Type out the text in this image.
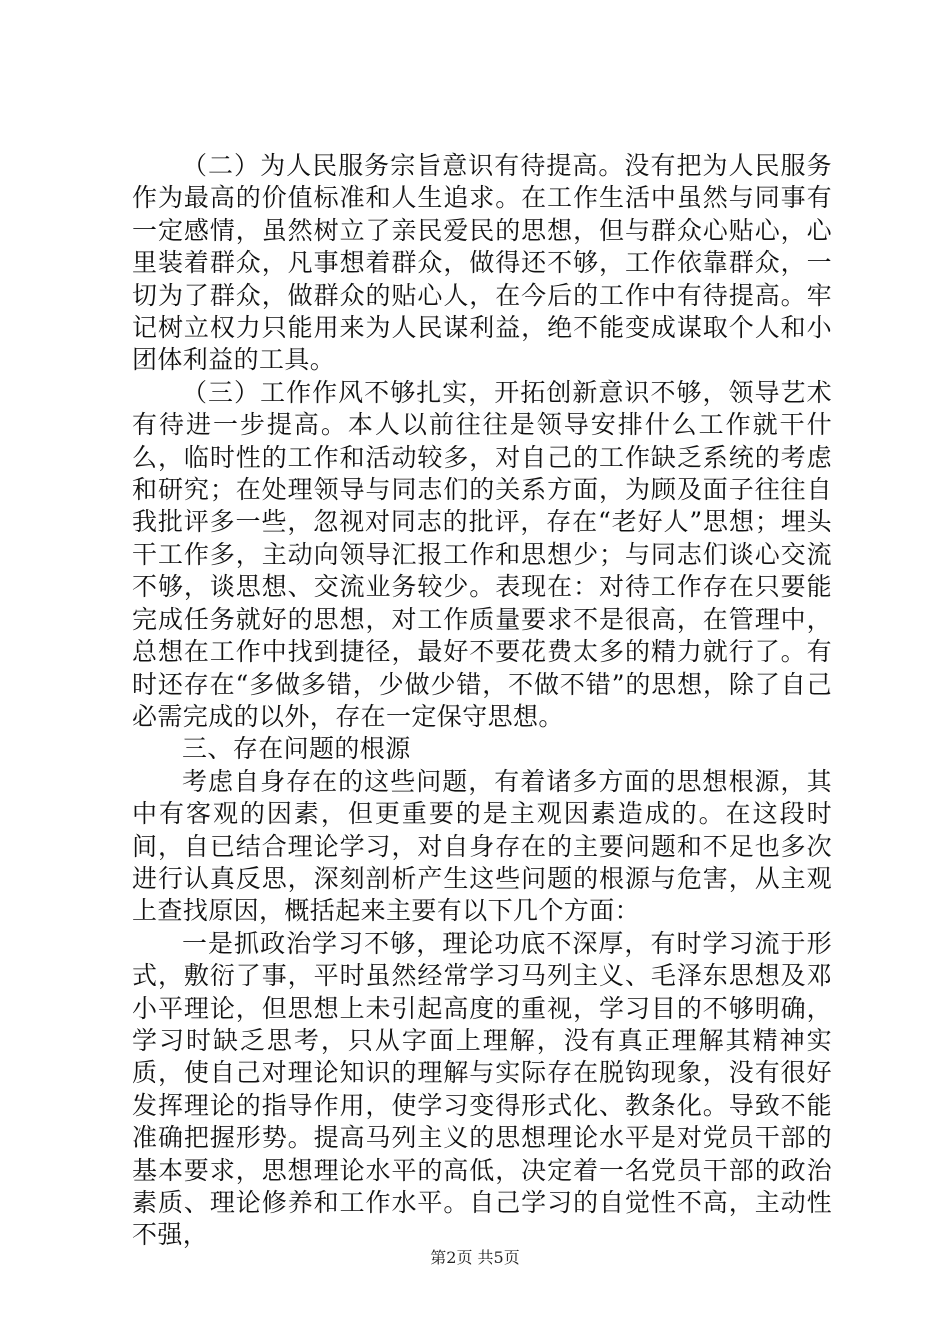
（二）为人民服务宗旨意识有待提高。没有把为人民服务作为最高的价值标准和人生追求。在工作生活中虽然与同事有一定感情，虽然树立了亲民爱民的思想，但与群众心贴心，心里装着群众，凡事想着群众，做得还不够，工作依靠群众，一切为了群众，做群众的贴心人，在今后的工作中有待提高。牢记树立权力只能用来为人民谋利益，绝不能变成谋取个人和小团体利益的工具。

（三）工作作风不够扎实，开拓创新意识不够，领导艺术有待进一步提高。本人以前往往是领导安排什么工作就干什么，临时性的工作和活动较多，对自己的工作缺乏系统的考虑和研究；在处理领导与同志们的关系方面，为顾及面子往往自我批评多一些，忽视对同志的批评，存在“老好人”思想；埋头干工作多，主动向领导汇报工作和思想少；与同志们谈心交流不够，谈思想、交流业务较少。表现在：对待工作存在只要能完成任务就好的思想，对工作质量要求不是很高，在管理中，总想在工作中找到捷径，最好不要花费太多的精力就行了。有时还存在“多做多错，少做少错，不做不错”的思想，除了自己必需完成的以外，存在一定保守思想。

三、存在问题的根源

考虑自身存在的这些问题，有着诸多方面的思想根源，其中有客观的因素，但更重要的是主观因素造成的。在这段时间，自已结合理论学习，对自身存在的主要问题和不足也多次进行认真反思，深刻剖析产生这些问题的根源与危害，从主观上查找原因，概括起来主要有以下几个方面：

一是抓政治学习不够，理论功底不深厚，有时学习流于形式，敷衍了事，平时虽然经常学习马列主义、毛泽东思想及邓小平理论，但思想上未引起高度的重视，学习目的不够明确，学习时缺乏思考，只从字面上理解，没有真正理解其精神实质，使自己对理论知识的理解与实际存在脱钩现象，没有很好发挥理论的指导作用，使学习变得形式化、教条化。导致不能准确把握形势。提高马列主义的思想理论水平是对党员干部的基本要求，思想理论水平的高低，决定着一名党员干部的政治素质、理论修养和工作水平。自己学习的自觉性不高，主动性不强，

第2页 共5页
